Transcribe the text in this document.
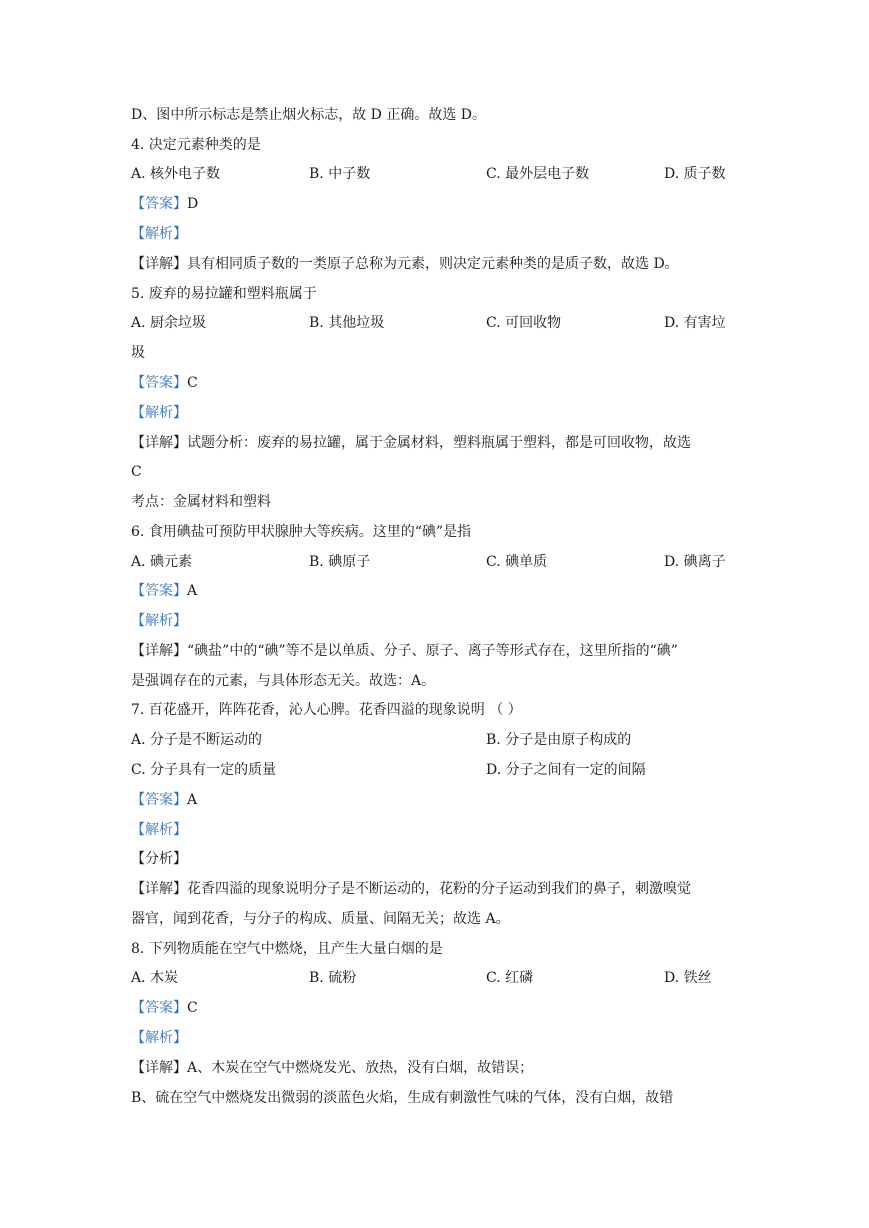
D、图中所示标志是禁止烟火标志，故 D 正确。故选 D。
4. 决定元素种类的是
A. 核外电子数	B. 中子数	C. 最外层电子数	D. 质子数
【答案】D
【解析】
【详解】具有相同质子数的一类原子总称为元素，则决定元素种类的是质子数，故选 D。
5. 废弃的易拉罐和塑料瓶属于
A. 厨余垃圾	B. 其他垃圾	C. 可回收物	D. 有害垃
圾
【答案】C
【解析】
【详解】试题分析：废弃的易拉罐，属于金属材料，塑料瓶属于塑料，都是可回收物，故选
C
考点：金属材料和塑料
6. 食用碘盐可预防甲状腺肿大等疾病。这里的“碘”是指
A. 碘元素	B. 碘原子	C. 碘单质	D. 碘离子
【答案】A
【解析】
【详解】“碘盐”中的“碘”等不是以单质、分子、原子、离子等形式存在，这里所指的“碘”
是强调存在的元素，与具体形态无关。故选：A。
7. 百花盛开，阵阵花香，沁人心脾。花香四溢的现象说明 （ ）
A. 分子是不断运动的	B. 分子是由原子构成的
C. 分子具有一定的质量	D. 分子之间有一定的间隔
【答案】A
【解析】
【分析】
【详解】花香四溢的现象说明分子是不断运动的，花粉的分子运动到我们的鼻子，刺激嗅觉
器官，闻到花香，与分子的构成、质量、间隔无关；故选 A。
8. 下列物质能在空气中燃烧，且产生大量白烟的是
A. 木炭	B. 硫粉	C. 红磷	D. 铁丝
【答案】C
【解析】
【详解】A、木炭在空气中燃烧发光、放热，没有白烟，故错误；
B、硫在空气中燃烧发出微弱的淡蓝色火焰，生成有刺激性气味的气体，没有白烟，故错
